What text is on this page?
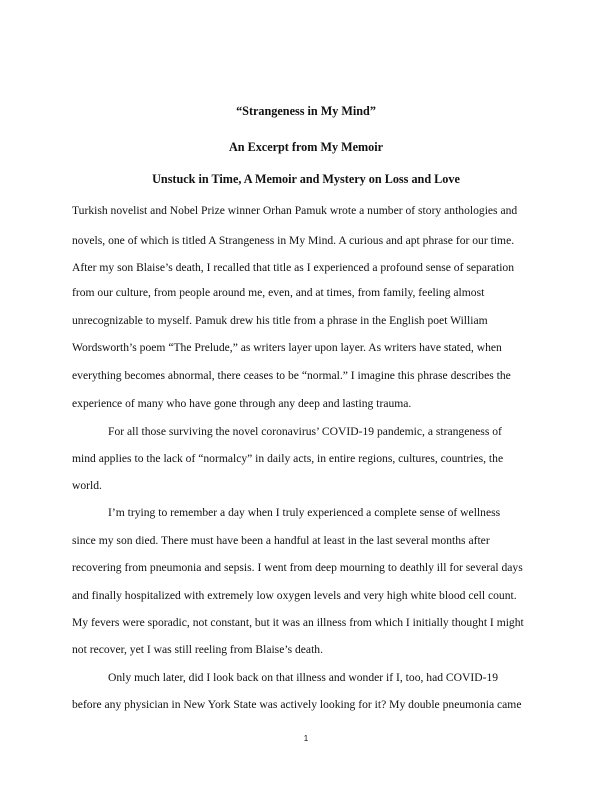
“Strangeness in My Mind”
An Excerpt from My Memoir
Unstuck in Time, A Memoir and Mystery on Loss and Love
Turkish novelist and Nobel Prize winner Orhan Pamuk wrote a number of story anthologies and
novels, one of which is titled A Strangeness in My Mind. A curious and apt phrase for our time.
After my son Blaise’s death, I recalled that title as I experienced a profound sense of separation
from our culture, from people around me, even, and at times, from family, feeling almost
unrecognizable to myself. Pamuk drew his title from a phrase in the English poet William
Wordsworth’s poem “The Prelude,” as writers layer upon layer. As writers have stated, when
everything becomes abnormal, there ceases to be “normal.” I imagine this phrase describes the
experience of many who have gone through any deep and lasting trauma.
For all those surviving the novel coronavirus’ COVID-19 pandemic, a strangeness of
mind applies to the lack of “normalcy” in daily acts, in entire regions, cultures, countries, the
world.
I’m trying to remember a day when I truly experienced a complete sense of wellness
since my son died. There must have been a handful at least in the last several months after
recovering from pneumonia and sepsis. I went from deep mourning to deathly ill for several days
and finally hospitalized with extremely low oxygen levels and very high white blood cell count.
My fevers were sporadic, not constant, but it was an illness from which I initially thought I might
not recover, yet I was still reeling from Blaise’s death.
Only much later, did I look back on that illness and wonder if I, too, had COVID-19
before any physician in New York State was actively looking for it? My double pneumonia came
1
